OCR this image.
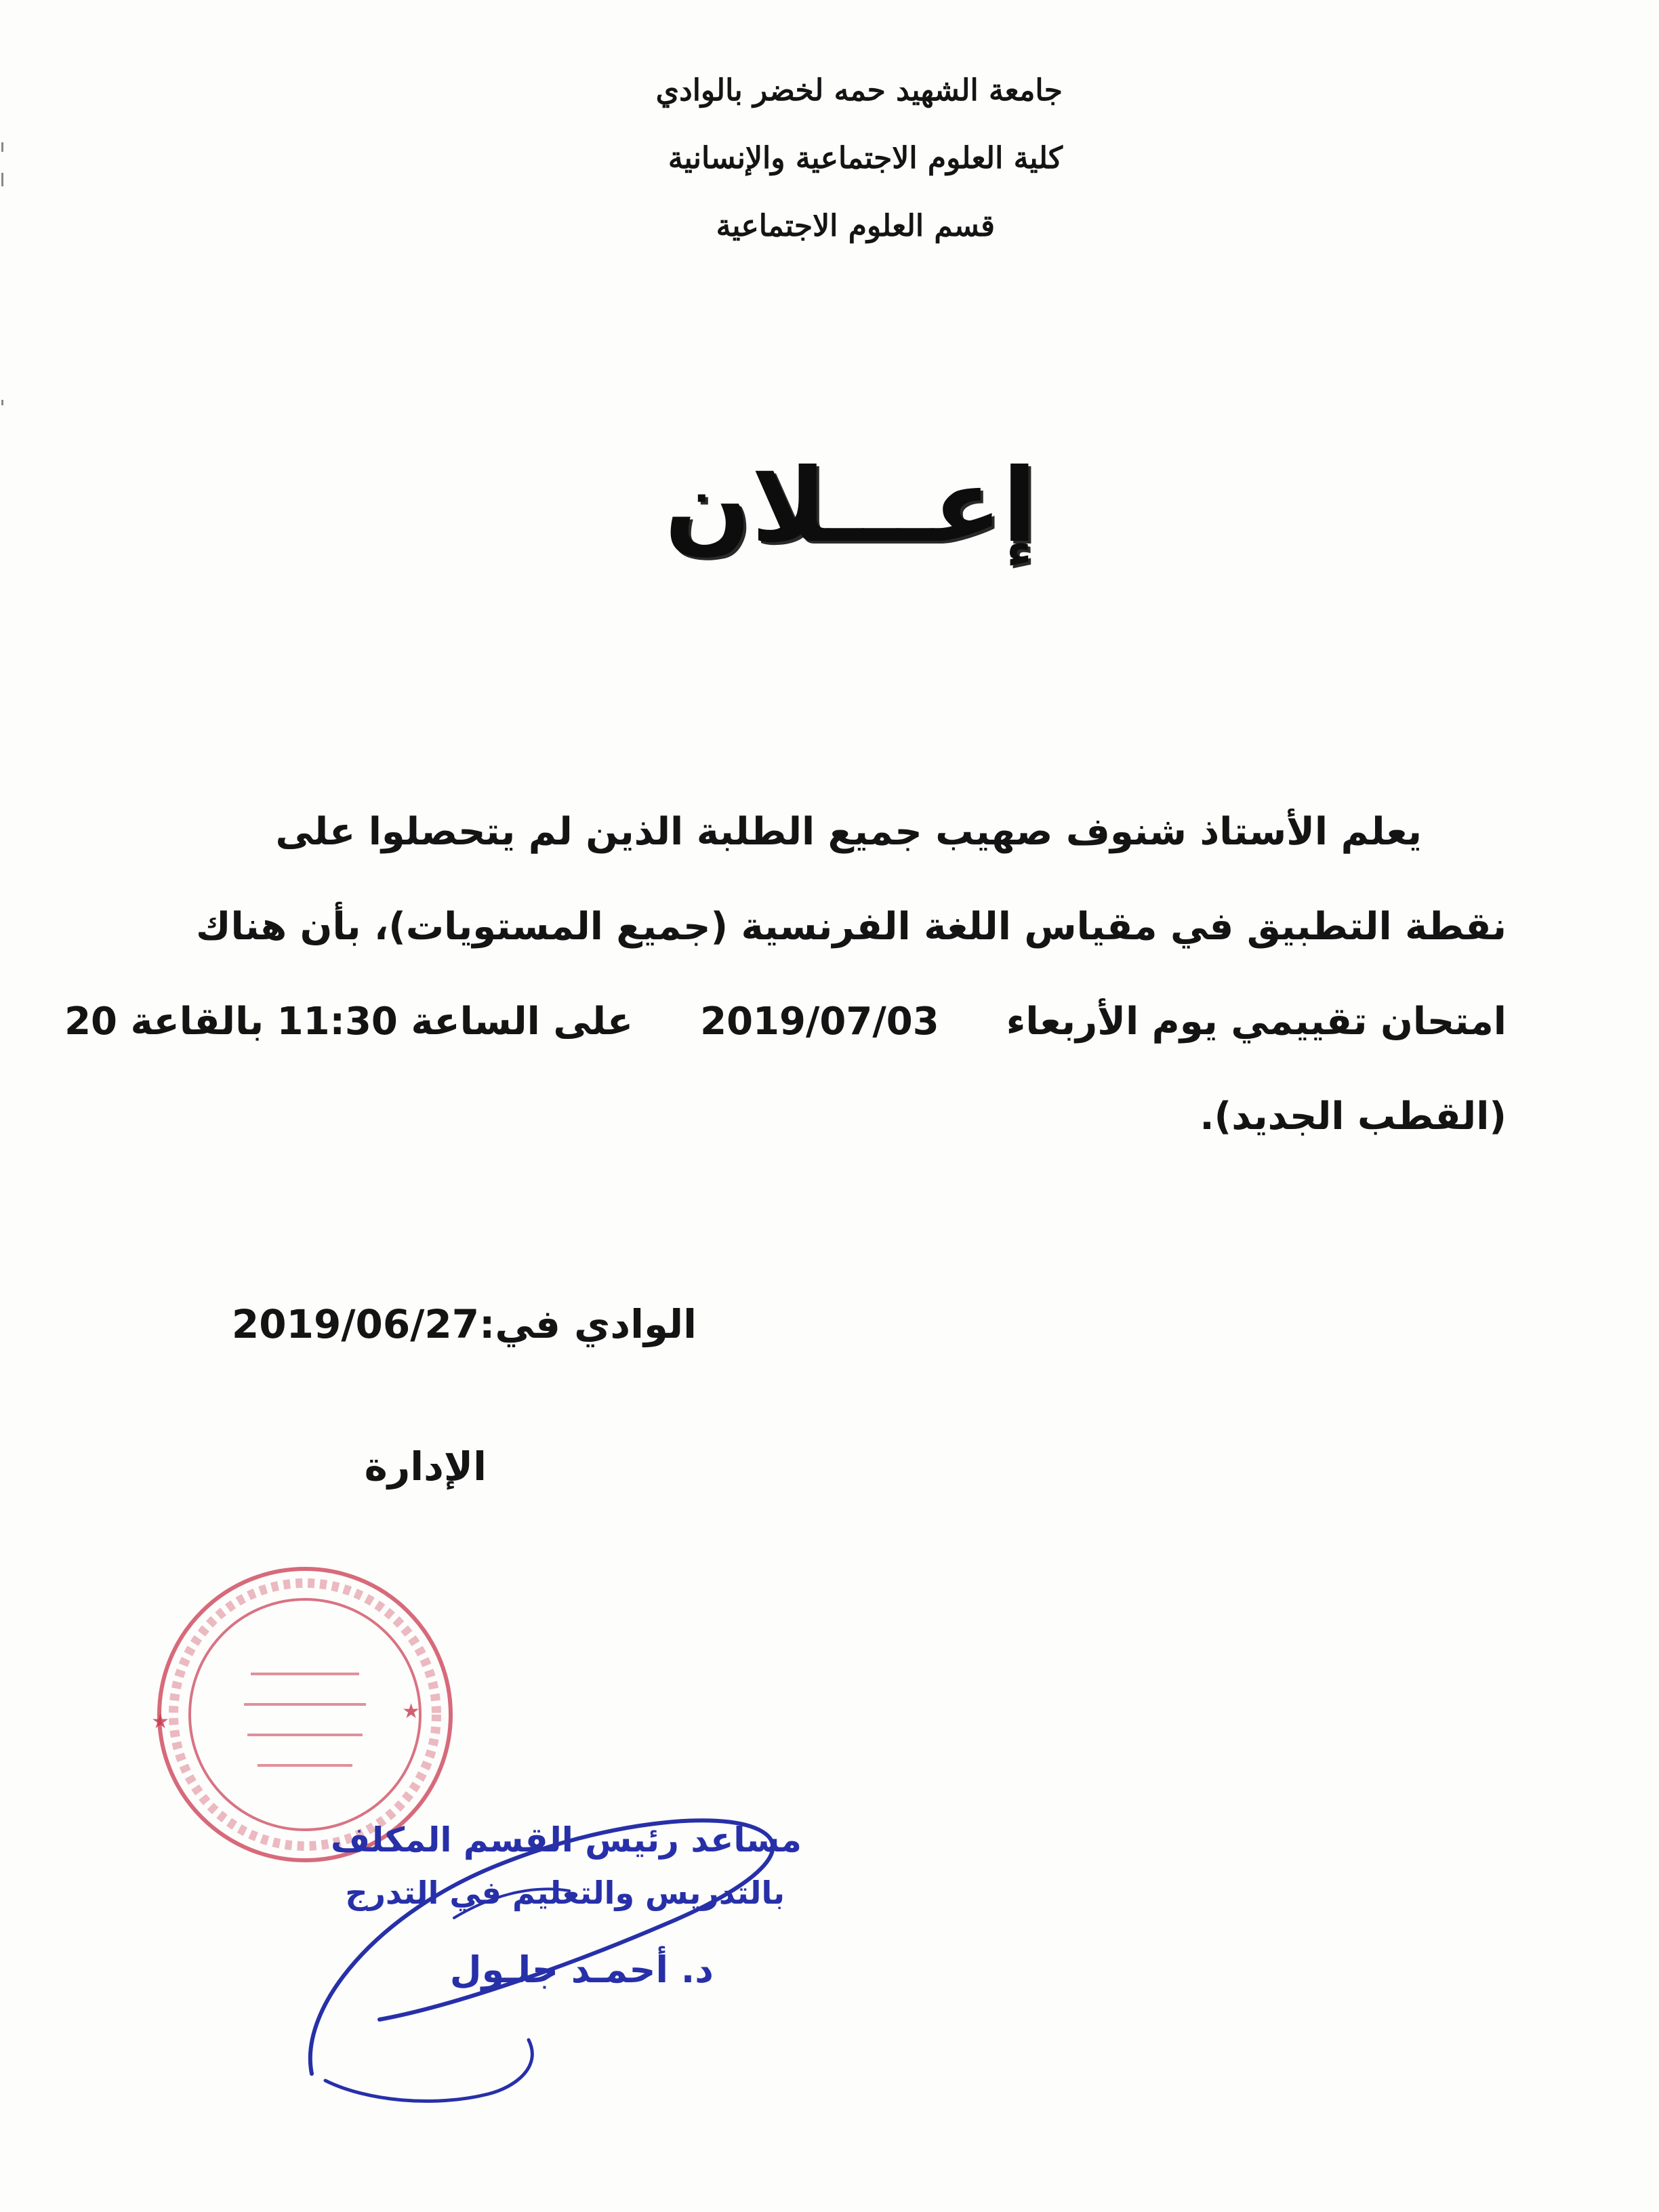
جامعة الشهيد حمه لخضر بالوادي
كلية العلوم الاجتماعية والإنسانية
قسم العلوم الاجتماعية
إعـــلان
يعلم الأستاذ شنوف صهيب جميع الطلبة الذين لم يتحصلوا على
نقطة التطبيق في مقياس اللغة الفرنسية (جميع المستويات)، بأن هناك
امتحان تقييمي يوم الأربعاء  2019/07/03  على الساعة 11:30 بالقاعة 20
(القطب الجديد).
الوادي في:2019/06/27
الإدارة
★
★
مساعد رئيس القسم المكلف
بالتدريس والتعليم في التدرج
د. أحمـد جلـول
